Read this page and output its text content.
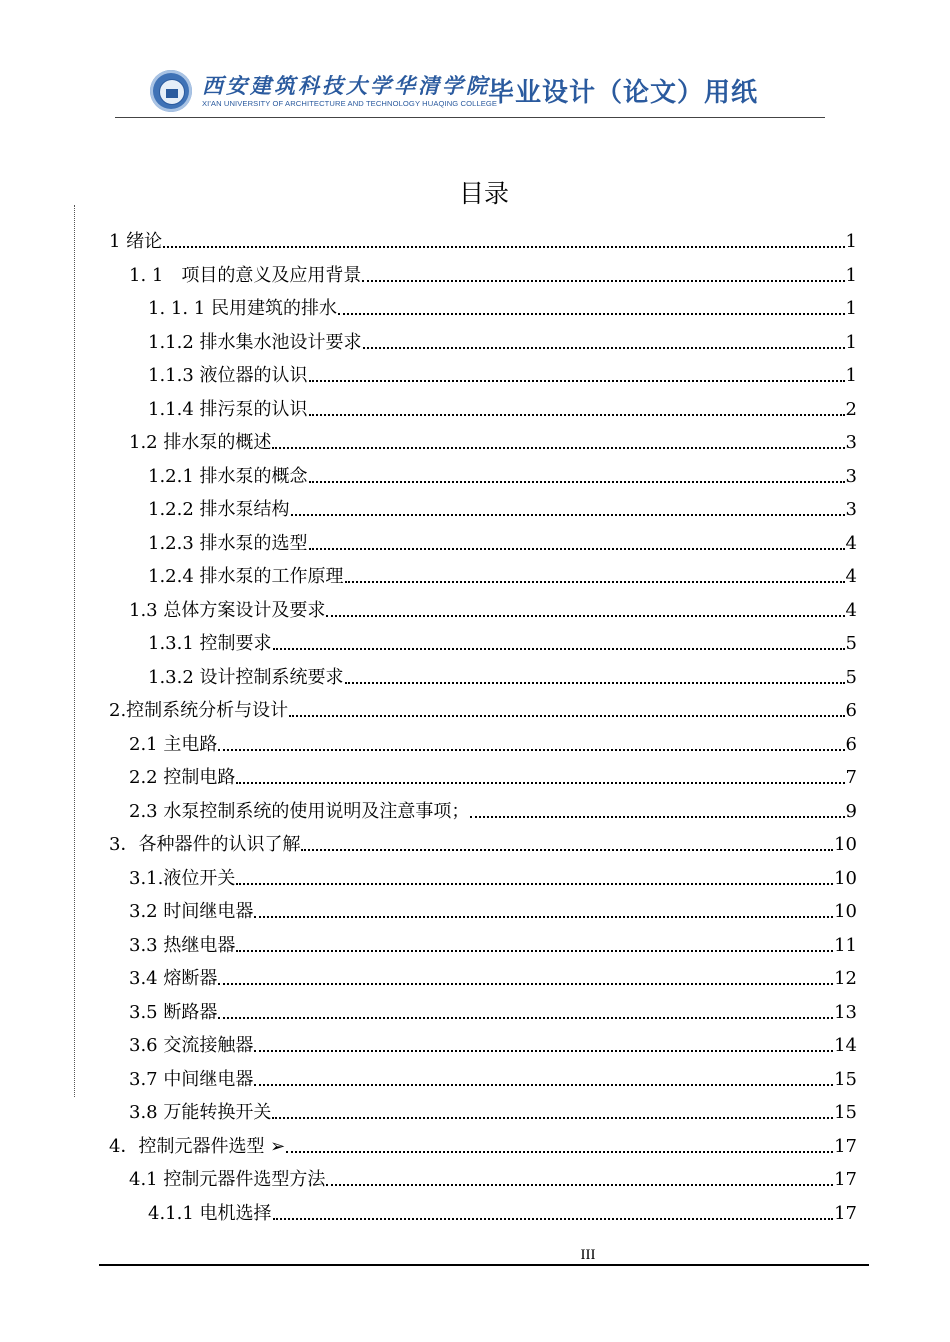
西安建筑科技大学华清学院
XI'AN UNIVERSITY OF ARCHITECTURE AND TECHNOLOGY HUAQING COLLEGE
毕业设计（论文）用纸
目录
1 绪论	1
1. 1　项目的意义及应用背景	1
1. 1. 1 民用建筑的排水	1
1.1.2 排水集水池设计要求	1
1.1.3 液位器的认识	1
1.1.4 排污泵的认识	2
1.2 排水泵的概述	3
1.2.1 排水泵的概念	3
1.2.2 排水泵结构	3
1.2.3 排水泵的选型	4
1.2.4 排水泵的工作原理	4
1.3 总体方案设计及要求	4
1.3.1 控制要求	5
1.3.2 设计控制系统要求	5
2.控制系统分析与设计	6
2.1 主电路	6
2.2 控制电路	7
2.3 水泵控制系统的使用说明及注意事项；	9
3．各种器件的认识了解	10
3.1.液位开关	10
3.2 时间继电器	10
3.3 热继电器	11
3.4 熔断器	12
3.5 断路器	13
3.6 交流接触器	14
3.7 中间继电器	15
3.8 万能转换开关	15
4．控制元器件选型 ➢	17
4.1 控制元器件选型方法	17
4.1.1 电机选择	17
III
